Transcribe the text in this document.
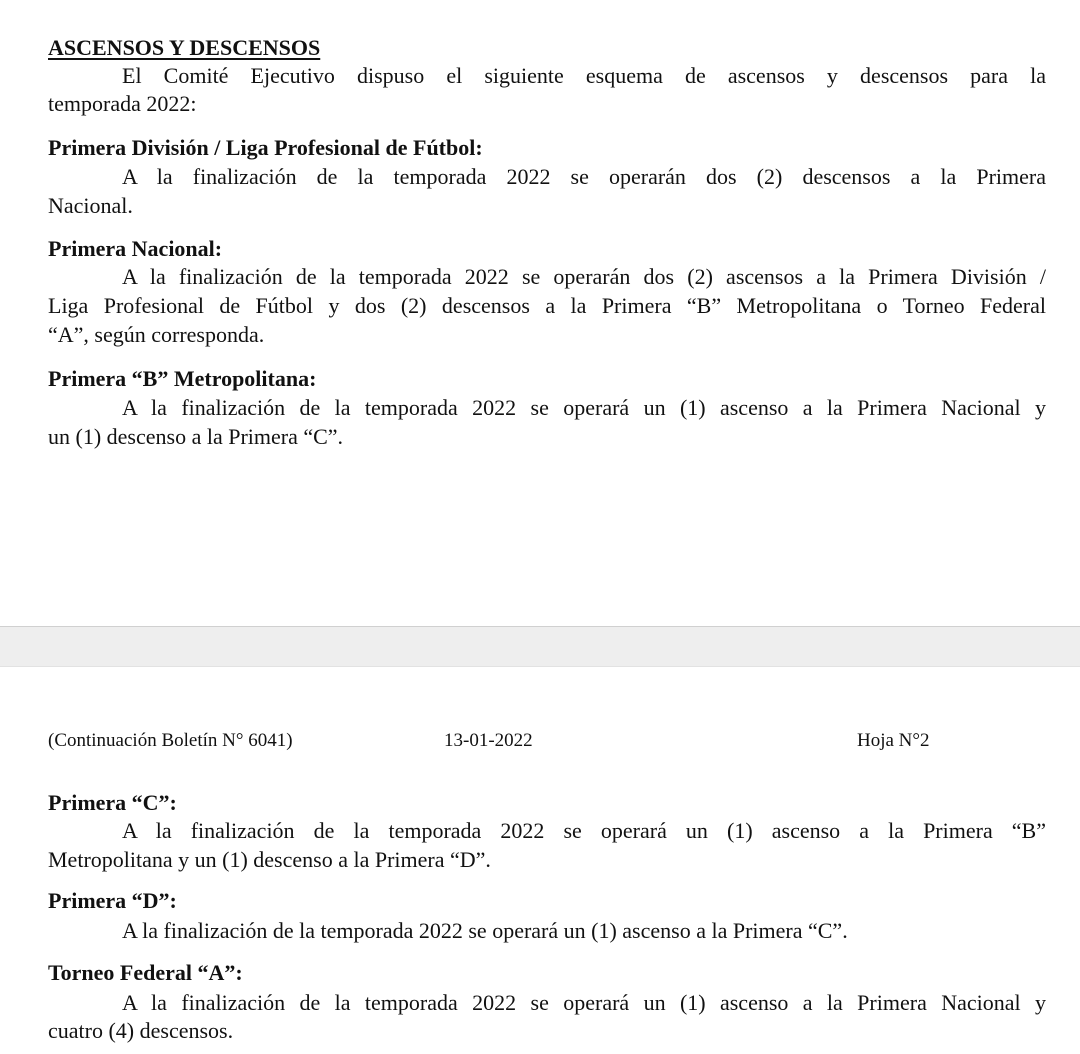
ASCENSOS Y DESCENSOS

El Comité Ejecutivo dispuso el siguiente esquema de ascensos y descensos para la

temporada 2022:

Primera División / Liga Profesional de Fútbol:

A la finalización de la temporada 2022 se operarán dos (2) descensos a la Primera

Nacional.

Primera Nacional:

A la finalización de la temporada 2022 se operarán dos (2) ascensos a la Primera División /

Liga Profesional de Fútbol y dos (2) descensos a la Primera “B” Metropolitana o Torneo Federal

“A”, según corresponda.

Primera “B” Metropolitana:

A la finalización de la temporada 2022 se operará un (1) ascenso a la Primera Nacional y

un (1) descenso a la Primera “C”.

(Continuación Boletín N° 6041)	13-01-2022	Hoja N°2

Primera “C”:

A la finalización de la temporada 2022 se operará un (1) ascenso a la Primera “B”

Metropolitana y un (1) descenso a la Primera “D”.

Primera “D”:

A la finalización de la temporada 2022 se operará un (1) ascenso a la Primera “C”.

Torneo Federal “A”:

A la finalización de la temporada 2022 se operará un (1) ascenso a la Primera Nacional y

cuatro (4) descensos.
